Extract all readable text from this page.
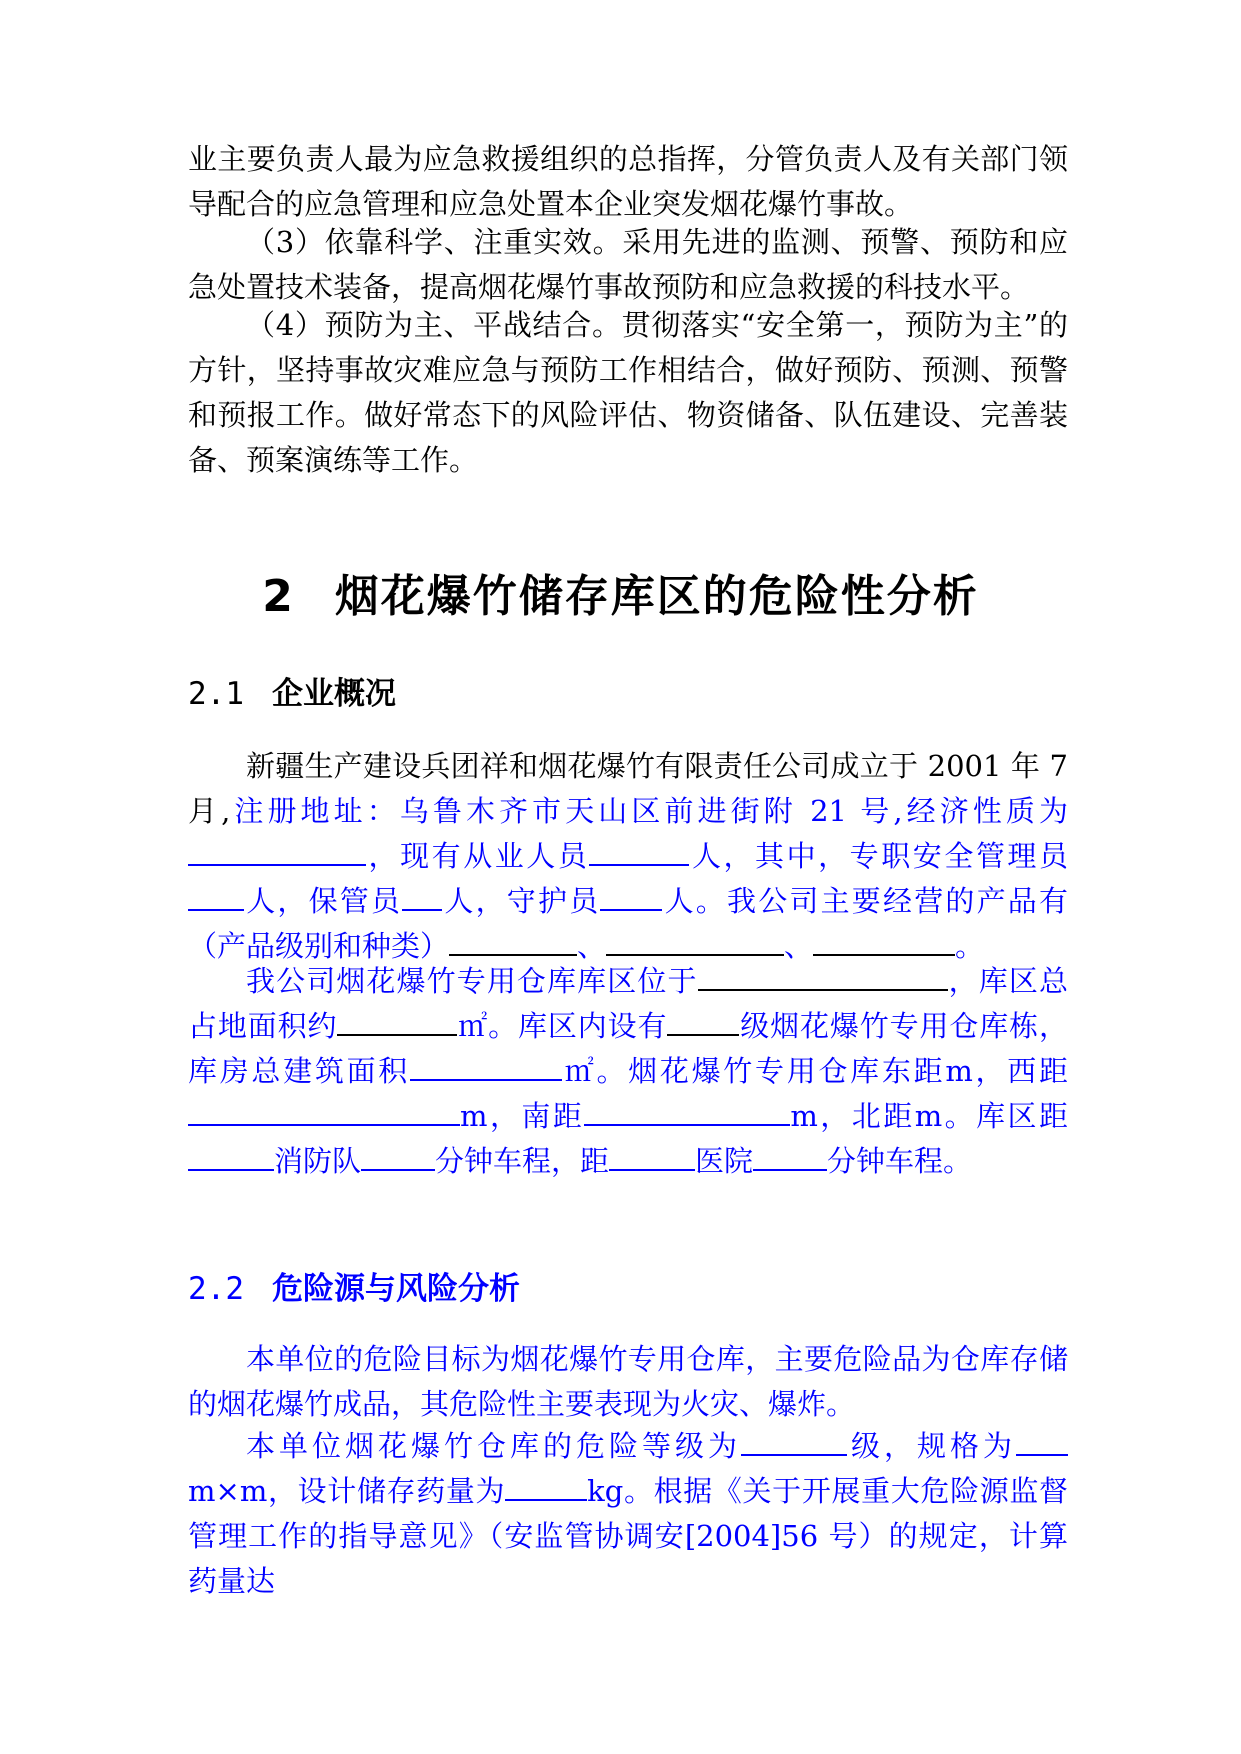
业主要负责人最为应急救援组织的总指挥，分管负责人及有关部门领导配合的应急管理和应急处置本企业突发烟花爆竹事故。

（3）依靠科学、注重实效。采用先进的监测、预警、预防和应急处置技术装备，提高烟花爆竹事故预防和应急救援的科技水平。

（4）预防为主、平战结合。贯彻落实“安全第一，预防为主”的方针，坚持事故灾难应急与预防工作相结合，做好预防、预测、预警和预报工作。做好常态下的风险评估、物资储备、队伍建设、完善装备、预案演练等工作。

2 烟花爆竹储存库区的危险性分析
2.1 企业概况

新疆生产建设兵团祥和烟花爆竹有限责任公司成立于 2001 年 7 月,注册地址：乌鲁木齐市天山区前进街附 21 号,经济性质为，现有从业人员	人，其中，专职安全管理员人，保管员 人，守护员 人。我公司主要经营的产品有（产品级别和种类）	、	、	。

我公司烟花爆竹专用仓库库区位于	，库区总占地面积约	㎡。库区内设有 级烟花爆竹专用仓库栋，库房总建筑面积	㎡。烟花爆竹专用仓库东距m，西距m，南距	m，北距m。库区距消防队	分钟车程，距	医院	分钟车程。

2.2 危险源与风险分析

本单位的危险目标为烟花爆竹专用仓库，主要危险品为仓库存储的烟花爆竹成品，其危险性主要表现为火灾、爆炸。

本单位烟花爆竹仓库的危险等级为	级，规格为m×m，设计储存药量为	kg。根据《关于开展重大危险源监督管理工作的指导意见》（安监管协调安[2004]56 号）的规定，计算药量达
